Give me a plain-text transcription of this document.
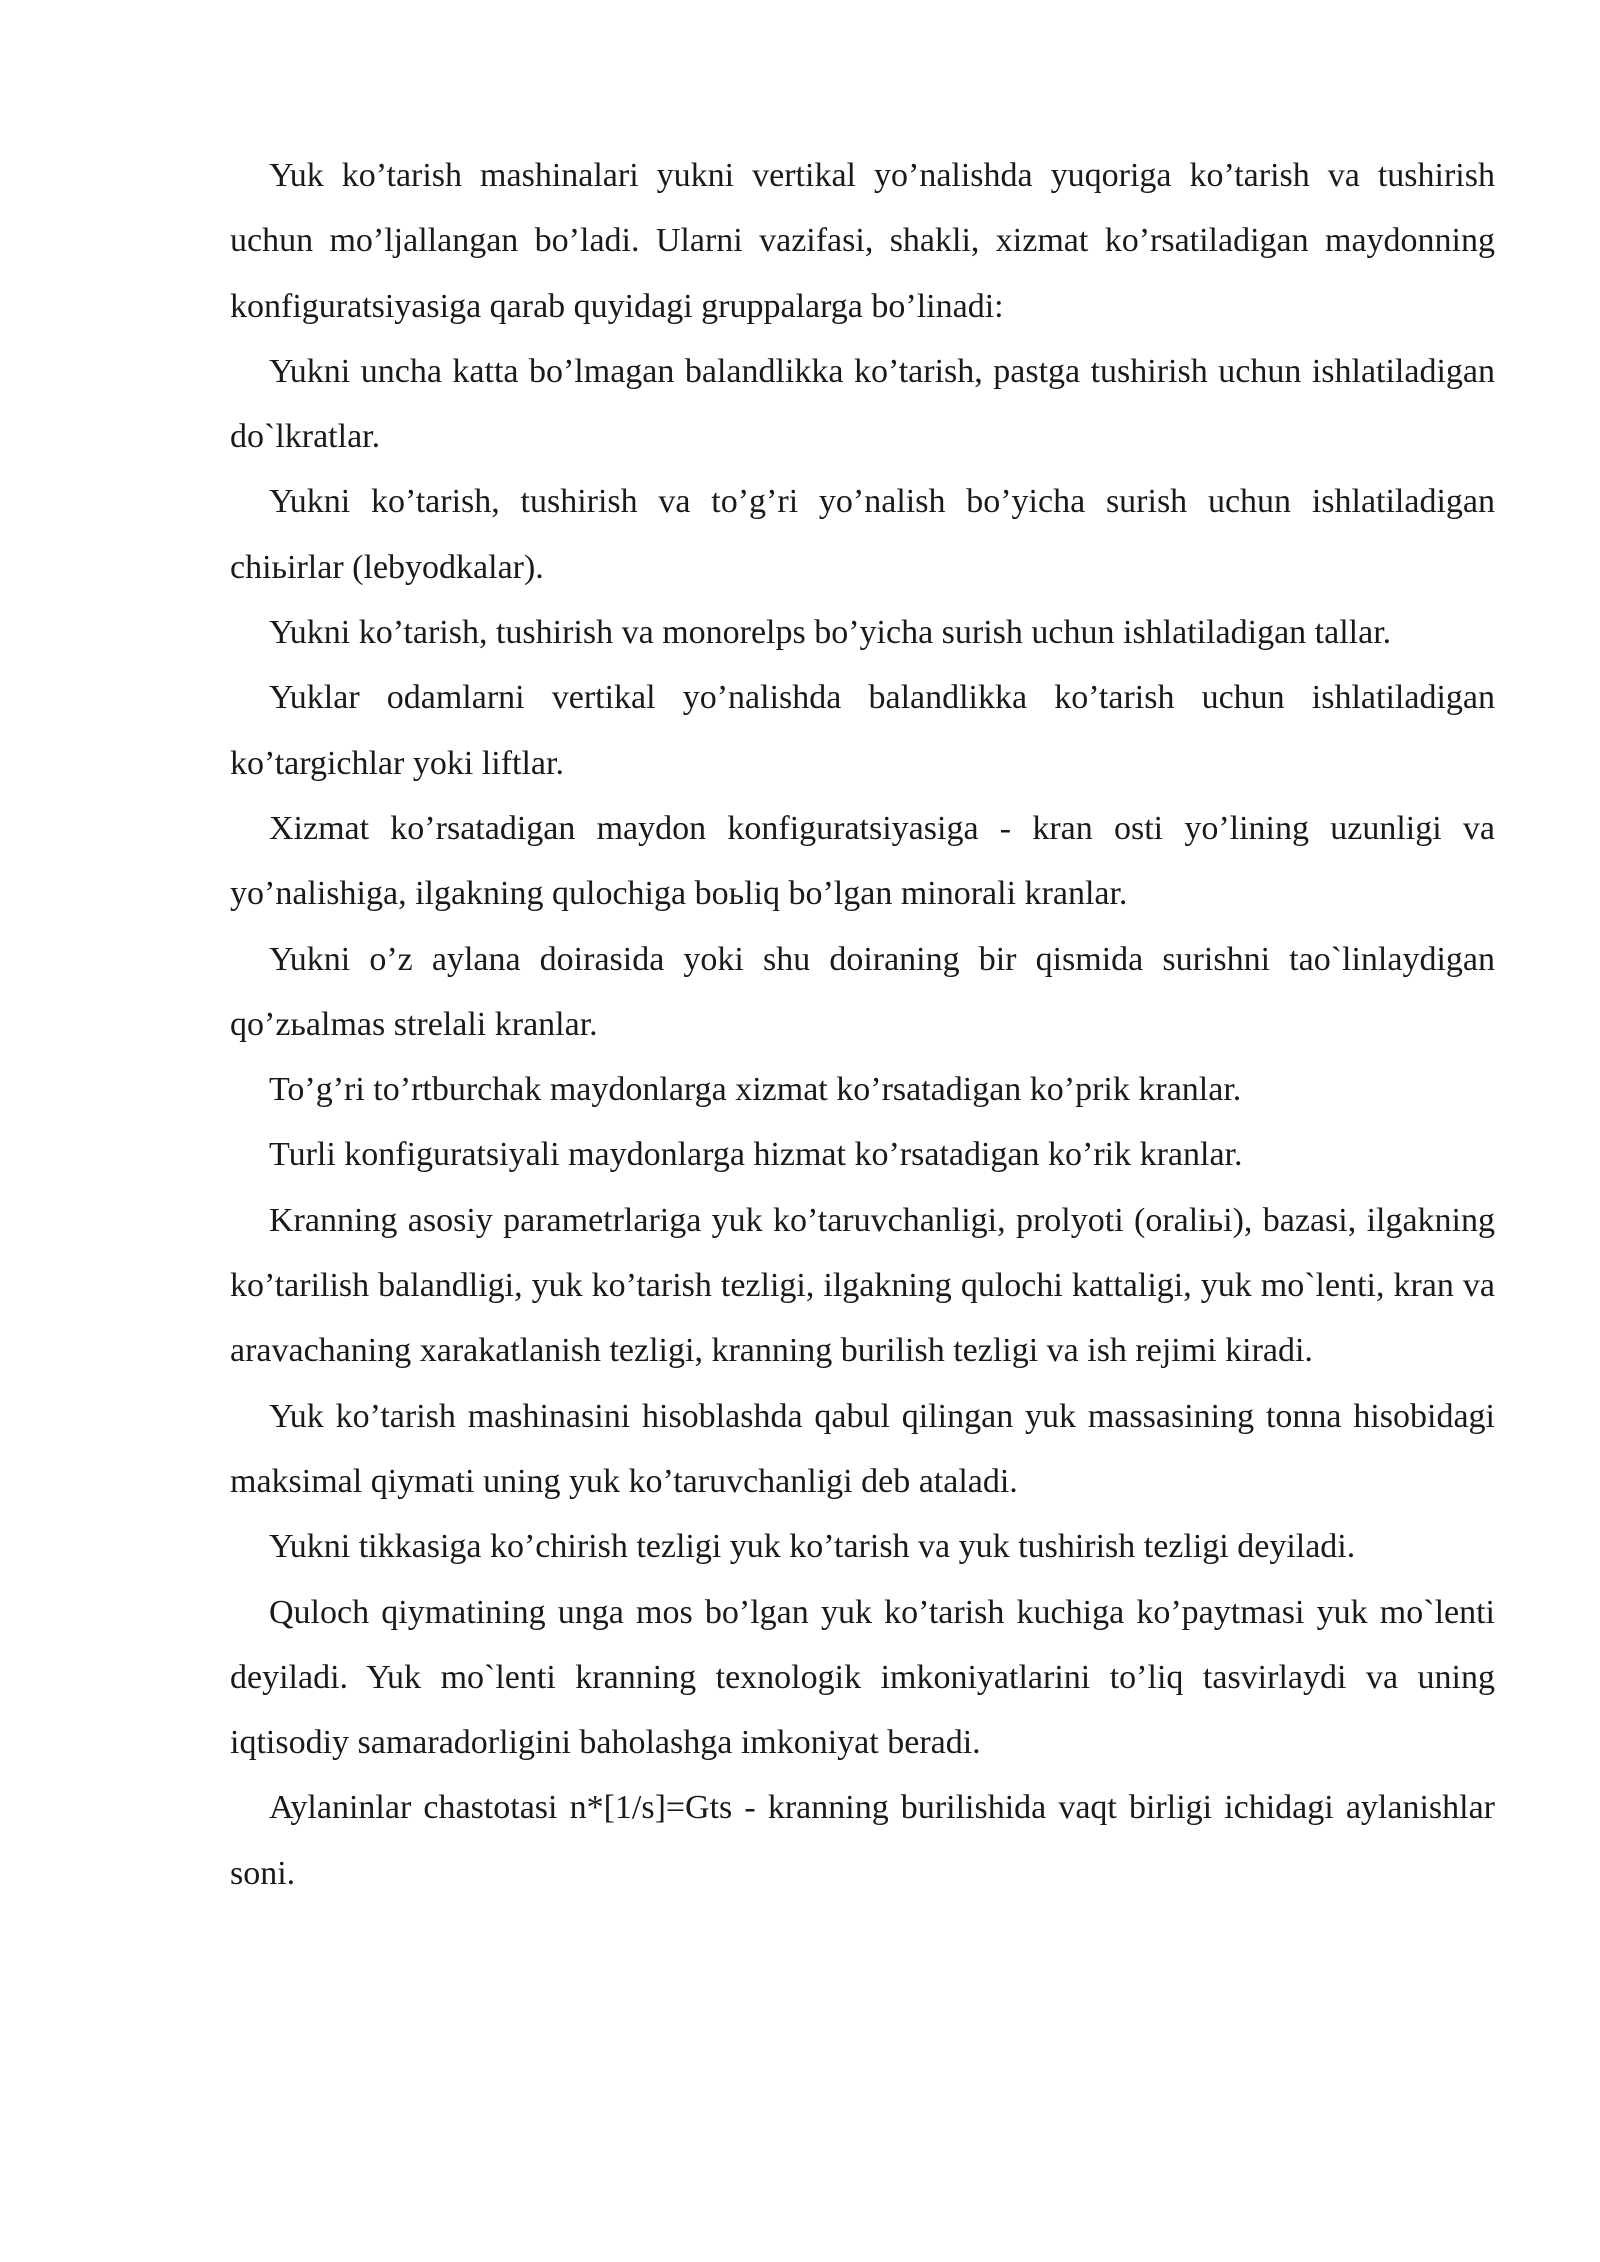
Yuk ko’tarish mashinalari yukni vertikal yo’nalishda yuqoriga ko’tarish va tushirish uchun mo’ljallangan bo’ladi. Ularni vazifasi, shakli, xizmat ko’rsatiladigan maydonning konfiguratsiyasiga qarab quyidagi gruppalarga bo’linadi:

Yukni uncha katta bo’lmagan balandlikka ko’tarish, pastga tushirish uchun ishlatiladigan do`lkratlar.

Yukni ko’tarish, tushirish va to’g’ri yo’nalish bo’yicha surish uchun ishlatiladigan chiьirlar (lebyodkalar).

Yukni ko’tarish, tushirish va monorelps bo’yicha surish uchun ishlatiladigan tallar.

Yuklar odamlarni vertikal yo’nalishda balandlikka ko’tarish uchun ishlatiladigan ko’targichlar yoki liftlar.

Xizmat ko’rsatadigan maydon konfiguratsiyasiga - kran osti yo’lining uzunligi va yo’nalishiga, ilgakning qulochiga boьliq bo’lgan minorali kranlar.

Yukni o’z aylana doirasida yoki shu doiraning bir qismida surishni tao`linlaydigan qo’zьalmas strelali kranlar.

To’g’ri to’rtburchak maydonlarga xizmat ko’rsatadigan ko’prik kranlar.

Turli konfiguratsiyali maydonlarga hizmat ko’rsatadigan ko’rik kranlar.

Kranning asosiy parametrlariga yuk ko’taruvchanligi, prolyoti (oraliьi), bazasi, ilgakning ko’tarilish balandligi, yuk ko’tarish tezligi, ilgakning qulochi kattaligi, yuk mo`lenti, kran va aravachaning xarakatlanish tezligi, kranning burilish tezligi va ish rejimi kiradi.

Yuk ko’tarish mashinasini hisoblashda qabul qilingan yuk massasining tonna hisobidagi maksimal qiymati uning yuk ko’taruvchanligi deb ataladi.

Yukni tikkasiga ko’chirish tezligi yuk ko’tarish va yuk tushirish tezligi deyiladi.

Quloch qiymatining unga mos bo’lgan yuk ko’tarish kuchiga ko’paytmasi yuk mo`lenti deyiladi. Yuk mo`lenti kranning texnologik imkoniyatlarini to’liq tasvirlaydi va uning iqtisodiy samaradorligini baholashga imkoniyat beradi.

Aylaninlar chastotasi n*[1/s]=Gts - kranning burilishida vaqt birligi ichidagi aylanishlar soni.
